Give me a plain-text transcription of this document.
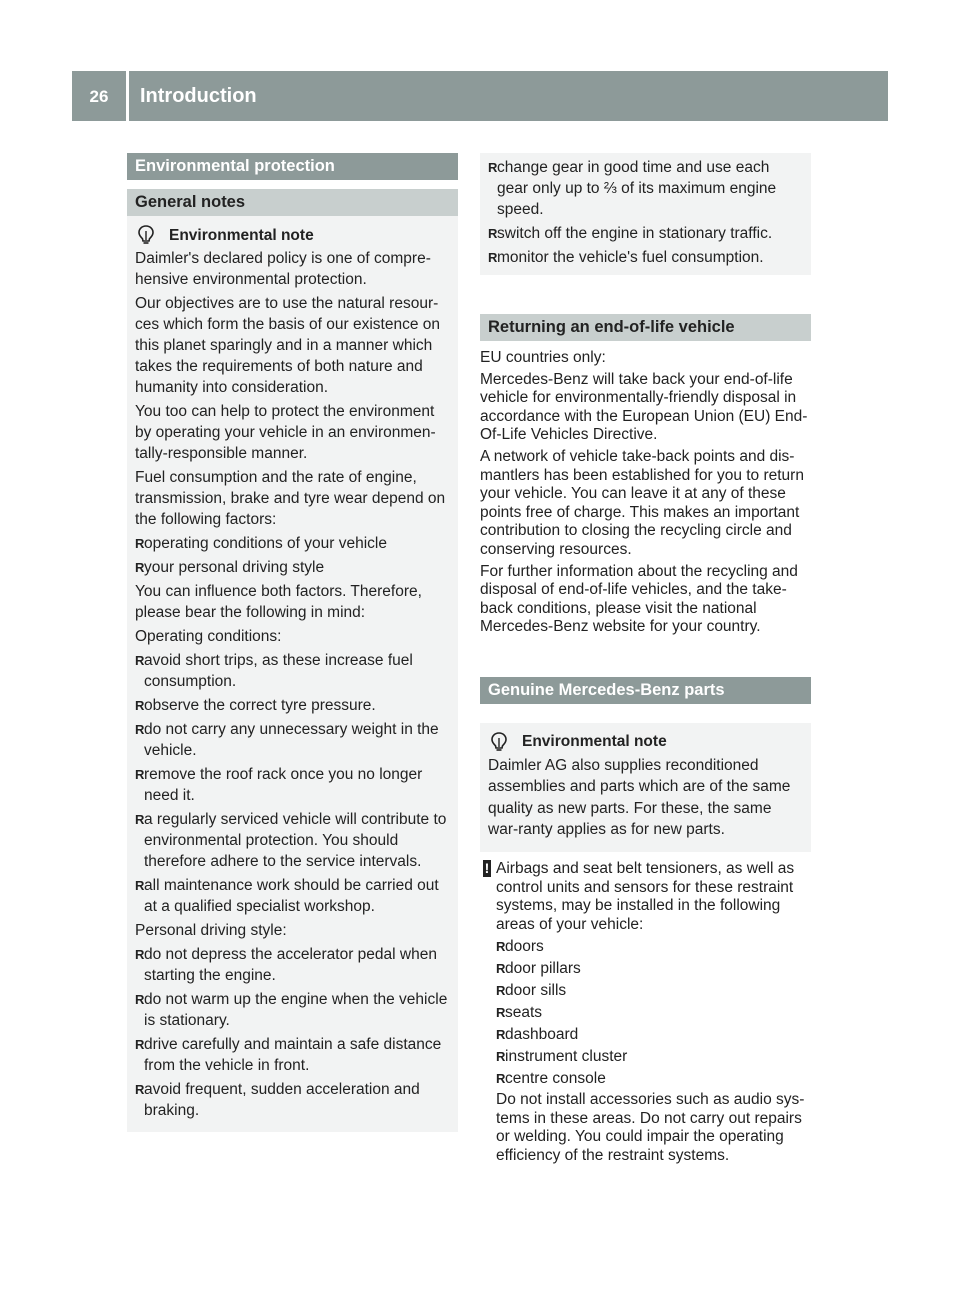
26	Introduction
Environmental protection
General notes
Environmental note
Daimler's declared policy is one of compre-hensive environmental protection.
Our objectives are to use the natural resour-ces which form the basis of our existence on this planet sparingly and in a manner which takes the requirements of both nature and humanity into consideration.
You too can help to protect the environment by operating your vehicle in an environmen-tally-responsible manner.
Fuel consumption and the rate of engine, transmission, brake and tyre wear depend on the following factors:
R operating conditions of your vehicle
R your personal driving style
You can influence both factors. Therefore, please bear the following in mind:
Operating conditions:
R avoid short trips, as these increase fuel consumption.
R observe the correct tyre pressure.
R do not carry any unnecessary weight in the vehicle.
R remove the roof rack once you no longer need it.
R a regularly serviced vehicle will contribute to environmental protection. You should therefore adhere to the service intervals.
R all maintenance work should be carried out at a qualified specialist workshop.
Personal driving style:
R do not depress the accelerator pedal when starting the engine.
R do not warm up the engine when the vehicle is stationary.
R drive carefully and maintain a safe distance from the vehicle in front.
R avoid frequent, sudden acceleration and braking.
R change gear in good time and use each gear only up to ⅔ of its maximum engine speed.
R switch off the engine in stationary traffic.
R monitor the vehicle's fuel consumption.
Returning an end-of-life vehicle
EU countries only:
Mercedes-Benz will take back your end-of-life vehicle for environmentally-friendly disposal in accordance with the European Union (EU) End-Of-Life Vehicles Directive.
A network of vehicle take-back points and dis-mantlers has been established for you to return your vehicle. You can leave it at any of these points free of charge. This makes an important contribution to closing the recycling circle and conserving resources.
For further information about the recycling and disposal of end-of-life vehicles, and the take-back conditions, please visit the national Mercedes-Benz website for your country.
Genuine Mercedes-Benz parts
Environmental note
Daimler AG also supplies reconditioned assemblies and parts which are of the same quality as new parts. For these, the same war-ranty applies as for new parts.
! Airbags and seat belt tensioners, as well as control units and sensors for these restraint systems, may be installed in the following areas of your vehicle:
R doors
R door pillars
R door sills
R seats
R dashboard
R instrument cluster
R centre console
Do not install accessories such as audio sys-tems in these areas. Do not carry out repairs or welding. You could impair the operating efficiency of the restraint systems.
